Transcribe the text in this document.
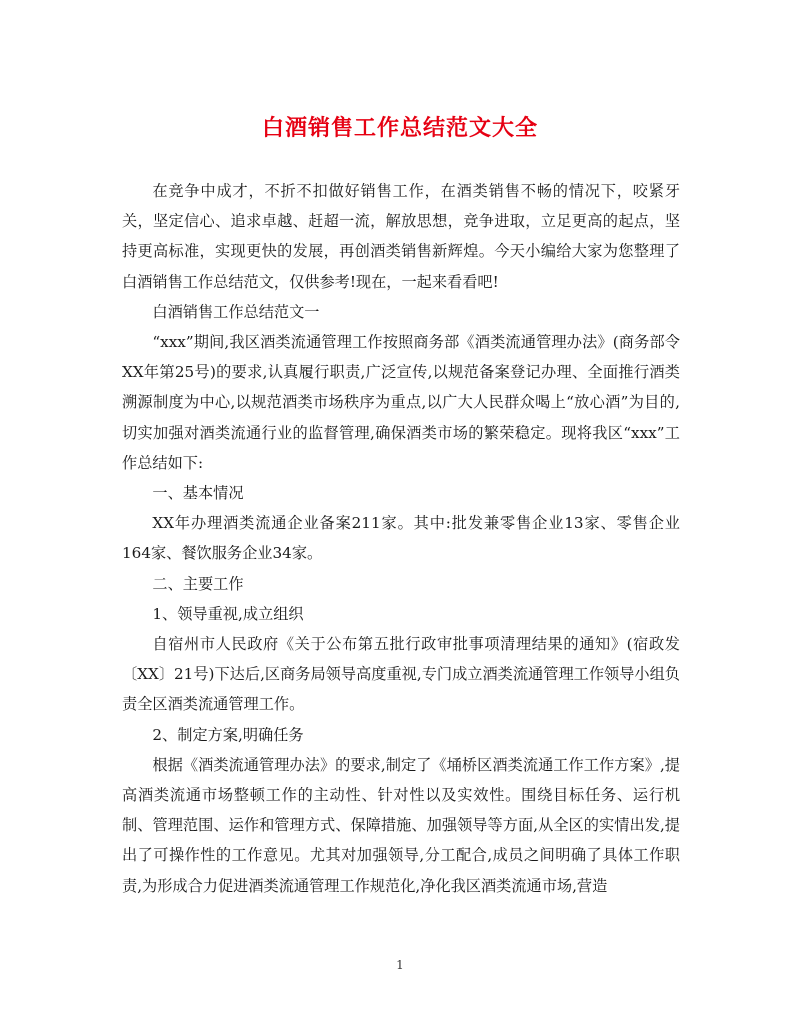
白酒销售工作总结范文大全

在竞争中成才，不折不扣做好销售工作，在酒类销售不畅的情况下，咬紧牙关，坚定信心、追求卓越、赶超一流，解放思想，竞争进取，立足更高的起点，坚持更高标准，实现更快的发展，再创酒类销售新辉煌。今天小编给大家为您整理了白酒销售工作总结范文，仅供参考!现在，一起来看看吧!

白酒销售工作总结范文一

“xxx”期间,我区酒类流通管理工作按照商务部《酒类流通管理办法》(商务部令XX年第25号)的要求,认真履行职责,广泛宣传,以规范备案登记办理、全面推行酒类溯源制度为中心,以规范酒类市场秩序为重点,以广大人民群众喝上“放心酒”为目的,切实加强对酒类流通行业的监督管理,确保酒类市场的繁荣稳定。现将我区“xxx”工作总结如下:

一、基本情况

XX年办理酒类流通企业备案211家。其中:批发兼零售企业13家、零售企业164家、餐饮服务企业34家。

二、主要工作

1、领导重视,成立组织

自宿州市人民政府《关于公布第五批行政审批事项清理结果的通知》(宿政发〔XX〕21号)下达后,区商务局领导高度重视,专门成立酒类流通管理工作领导小组负责全区酒类流通管理工作。

2、制定方案,明确任务

根据《酒类流通管理办法》的要求,制定了《埇桥区酒类流通工作工作方案》,提高酒类流通市场整顿工作的主动性、针对性以及实效性。围绕目标任务、运行机制、管理范围、运作和管理方式、保障措施、加强领导等方面,从全区的实情出发,提出了可操作性的工作意见。尤其对加强领导,分工配合,成员之间明确了具体工作职责,为形成合力促进酒类流通管理工作规范化,净化我区酒类流通市场,营造

1
